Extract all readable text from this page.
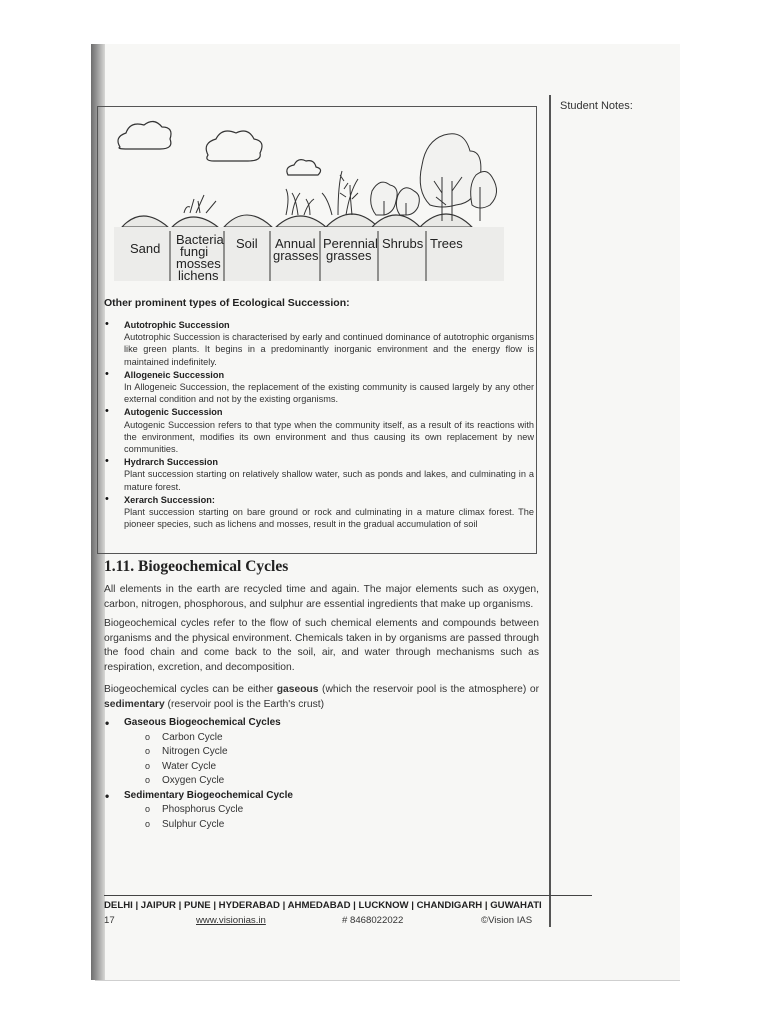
Student Notes:
Sand
Bacteria
fungi
mosses
lichens
Soil Annual
grasses
Perennial
grasses
Shrubs Trees
Other prominent types of Ecological Succession:
• Autotrophic Succession
Autotrophic Succession is characterised by early and continued dominance of autotrophic organisms like green plants. It begins in a predominantly inorganic environment and the energy flow is maintained indefinitely.
• Allogeneic Succession
In Allogeneic Succession, the replacement of the existing community is caused largely by any other external condition and not by the existing organisms.
• Autogenic Succession
Autogenic Succession refers to that type when the community itself, as a result of its reactions with the environment, modifies its own environment and thus causing its own replacement by new communities.
• Hydrarch Succession
Plant succession starting on relatively shallow water, such as ponds and lakes, and culminating in a mature forest.
• Xerarch Succession:
Plant succession starting on bare ground or rock and culminating in a mature climax forest. The pioneer species, such as lichens and mosses, result in the gradual accumulation of soil
1.11. Biogeochemical Cycles

All elements in the earth are recycled time and again. The major elements such as oxygen, carbon, nitrogen, phosphorous, and sulphur are essential ingredients that make up organisms.

Biogeochemical cycles refer to the flow of such chemical elements and compounds between organisms and the physical environment. Chemicals taken in by organisms are passed through the food chain and come back to the soil, air, and water through mechanisms such as respiration, excretion, and decomposition.

Biogeochemical cycles can be either gaseous (which the reservoir pool is the atmosphere) or sedimentary (reservoir pool is the Earth's crust)

• Gaseous Biogeochemical Cycles
o Carbon Cycle
o Nitrogen Cycle
o Water Cycle
o Oxygen Cycle
• Sedimentary Biogeochemical Cycle
o Phosphorus Cycle
o Sulphur Cycle
DELHI | JAIPUR | PUNE | HYDERABAD | AHMEDABAD | LUCKNOW | CHANDIGARH | GUWAHATI
17	www.visionias.in	# 8468022022	©Vision IAS
